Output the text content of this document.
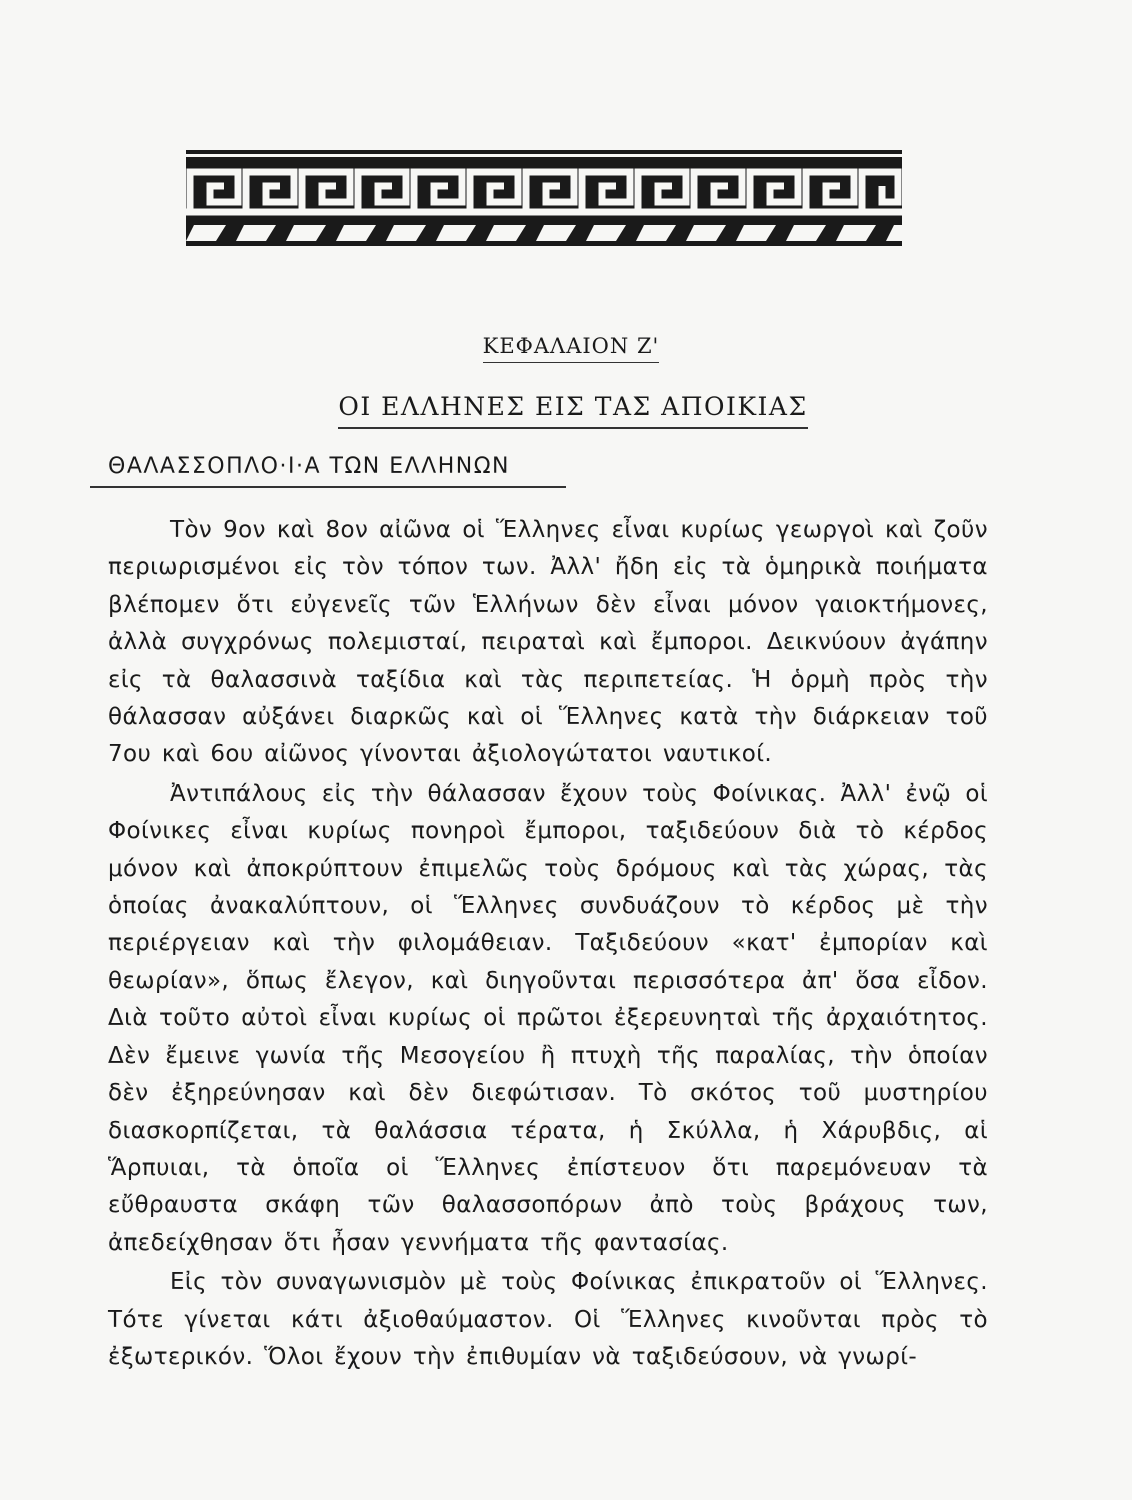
ΚΕΦΑΛΑΙΟΝ Ζ'
ΟΙ ΕΛΛΗΝΕΣ ΕΙΣ ΤΑΣ ΑΠΟΙΚΙΑΣ
ΘΑΛΑΣΣΟΠΛΟ·Ι·Α ΤΩΝ ΕΛΛΗΝΩΝ

Τὸν 9ον καὶ 8ον αἰῶνα οἱ Ἕλληνες εἶναι κυρίως γεωργοὶ καὶ ζοῦν περιωρισμένοι εἰς τὸν τόπον των. Ἀλλ' ἤδη εἰς τὰ ὁμηρικὰ ποιήματα βλέπομεν ὅτι εὐγενεῖς τῶν Ἑλλήνων δὲν εἶναι μόνον γαιοκτήμονες, ἀλλὰ συγχρόνως πολεμισταί, πειραταὶ καὶ ἔμποροι. Δεικνύουν ἀγάπην εἰς τὰ θαλασσινὰ ταξίδια καὶ τὰς περιπετείας. Ἡ ὁρμὴ πρὸς τὴν θάλασσαν αὐξάνει διαρκῶς καὶ οἱ Ἕλληνες κατὰ τὴν διάρκειαν τοῦ 7ου καὶ 6ου αἰῶνος γίνονται ἀξιολογώτατοι ναυτικοί.

Ἀντιπάλους εἰς τὴν θάλασσαν ἔχουν τοὺς Φοίνικας. Ἀλλ' ἐνῷ οἱ Φοίνικες εἶναι κυρίως πονηροὶ ἔμποροι, ταξιδεύουν διὰ τὸ κέρδος μόνον καὶ ἀποκρύπτουν ἐπιμελῶς τοὺς δρόμους καὶ τὰς χώρας, τὰς ὁποίας ἀνακαλύπτουν, οἱ Ἕλληνες συνδυάζουν τὸ κέρδος μὲ τὴν περιέργειαν καὶ τὴν φιλομάθειαν. Ταξιδεύουν «κατ' ἐμπορίαν καὶ θεωρίαν», ὅπως ἔλεγον, καὶ διηγοῦνται περισσότερα ἀπ' ὅσα εἶδον. Διὰ τοῦτο αὐτοὶ εἶναι κυρίως οἱ πρῶτοι ἐξερευνηταὶ τῆς ἀρχαιότητος. Δὲν ἔμεινε γωνία τῆς Μεσογείου ἢ πτυχὴ τῆς παραλίας, τὴν ὁποίαν δὲν ἐξηρεύνησαν καὶ δὲν διεφώτισαν. Τὸ σκότος τοῦ μυστηρίου διασκορπίζεται, τὰ θαλάσσια τέρατα, ἡ Σκύλλα, ἡ Χάρυβδις, αἱ Ἅρπυιαι, τὰ ὁποῖα οἱ Ἕλληνες ἐπίστευον ὅτι παρεμόνευαν τὰ εὔθραυστα σκάφη τῶν θαλασσοπόρων ἀπὸ τοὺς βράχους των, ἀπεδείχθησαν ὅτι ἦσαν γεννήματα τῆς φαντασίας.

Εἰς τὸν συναγωνισμὸν μὲ τοὺς Φοίνικας ἐπικρατοῦν οἱ Ἕλληνες. Τότε γίνεται κάτι ἀξιοθαύμαστον. Οἱ Ἕλληνες κινοῦνται πρὸς τὸ ἐξωτερικόν. Ὅλοι ἔχουν τὴν ἐπιθυμίαν νὰ ταξιδεύσουν, νὰ γνωρί-
